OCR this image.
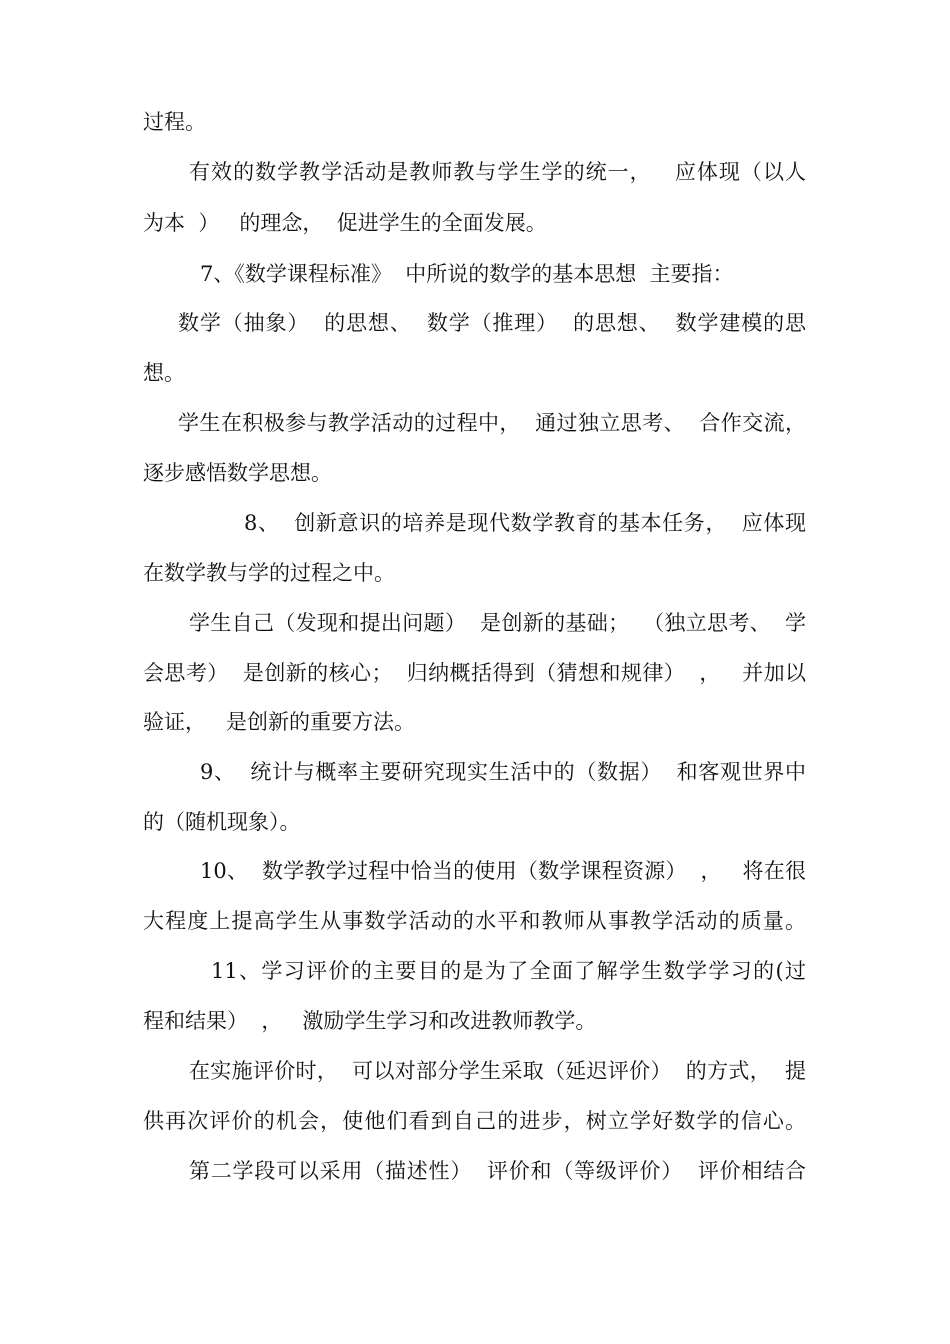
过程。

有效的数学教学活动是教师教与学生学的统一，   应体现（以人

为本  ）   的理念，  促进学生的全面发展。

7、《数学课程标准》  中所说的数学的基本思想  主要指：

数学（抽象）  的思想、  数学（推理）  的思想、  数学建模的思

想。

学生在积极参与教学活动的过程中，  通过独立思考、  合作交流，

逐步感悟数学思想。

8、  创新意识的培养是现代数学教育的基本任务，  应体现

在数学教与学的过程之中。

学生自己（发现和提出问题）  是创新的基础；  （独立思考、  学

会思考）  是创新的核心；  归纳概括得到（猜想和规律）  ，   并加以

验证，   是创新的重要方法。

9、  统计与概率主要研究现实生活中的（数据）  和客观世界中

的（随机现象）。

10、  数学教学过程中恰当的使用（数学课程资源）  ，   将在很

大程度上提高学生从事数学活动的水平和教师从事教学活动的质量。

11、学习评价的主要目的是为了全面了解学生数学学习的(过

程和结果）  ，   激励学生学习和改进教师教学。

在实施评价时，  可以对部分学生采取（延迟评价）  的方式，  提

供再次评价的机会，使他们看到自己的进步，树立学好数学的信心。

第二学段可以采用（描述性）  评价和（等级评价）  评价相结合
